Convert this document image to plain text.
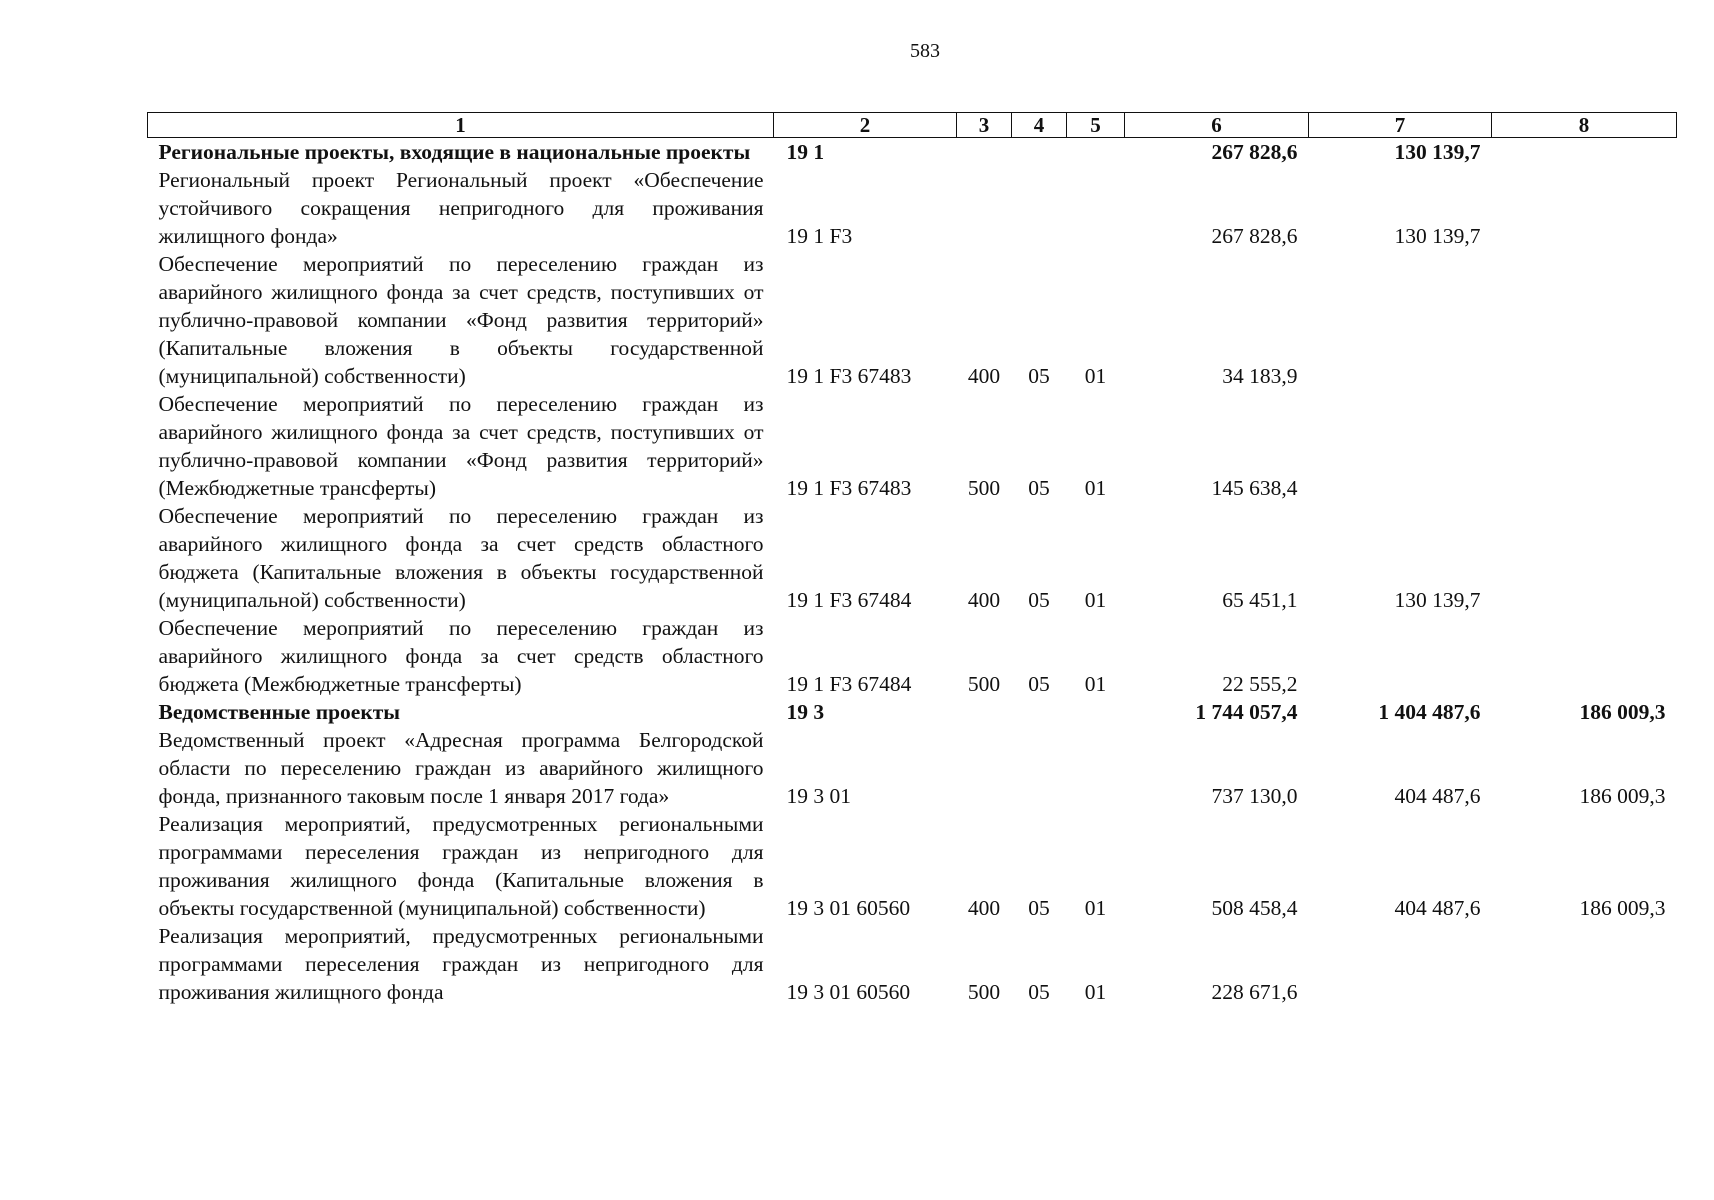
583
1	2	3	4	5	6	7	8
Региональные проекты, входящие в национальные проекты	19 1				267 828,6	130 139,7	
Региональный проект Региональный проект «Обеспечение устойчивого сокращения непригодного для проживания жилищного фонда»	19 1 F3				267 828,6	130 139,7	
Обеспечение мероприятий по переселению граждан из аварийного жилищного фонда за счет средств, поступивших от публично-правовой компании «Фонд развития территорий» (Капитальные вложения в объекты государственной (муниципальной) собственности)	19 1 F3 67483	400	05	01	34 183,9		
Обеспечение мероприятий по переселению граждан из аварийного жилищного фонда за счет средств, поступивших от публично-правовой компании «Фонд развития территорий» (Межбюджетные трансферты)	19 1 F3 67483	500	05	01	145 638,4		
Обеспечение мероприятий по переселению граждан из аварийного жилищного фонда за счет средств областного бюджета (Капитальные вложения в объекты государственной (муниципальной) собственности)	19 1 F3 67484	400	05	01	65 451,1	130 139,7	
Обеспечение мероприятий по переселению граждан из аварийного жилищного фонда за счет средств областного бюджета (Межбюджетные трансферты)	19 1 F3 67484	500	05	01	22 555,2		
Ведомственные проекты	19 3				1 744 057,4	1 404 487,6	186 009,3
Ведомственный проект «Адресная программа Белгородской области по переселению граждан из аварийного жилищного фонда, признанного таковым после 1 января 2017 года»	19 3 01				737 130,0	404 487,6	186 009,3
Реализация мероприятий, предусмотренных региональными программами переселения граждан из непригодного для проживания жилищного фонда (Капитальные вложения в объекты государственной (муниципальной) собственности)	19 3 01 60560	400	05	01	508 458,4	404 487,6	186 009,3
Реализация мероприятий, предусмотренных региональными программами переселения граждан из непригодного для проживания жилищного фонда	19 3 01 60560	500	05	01	228 671,6		
